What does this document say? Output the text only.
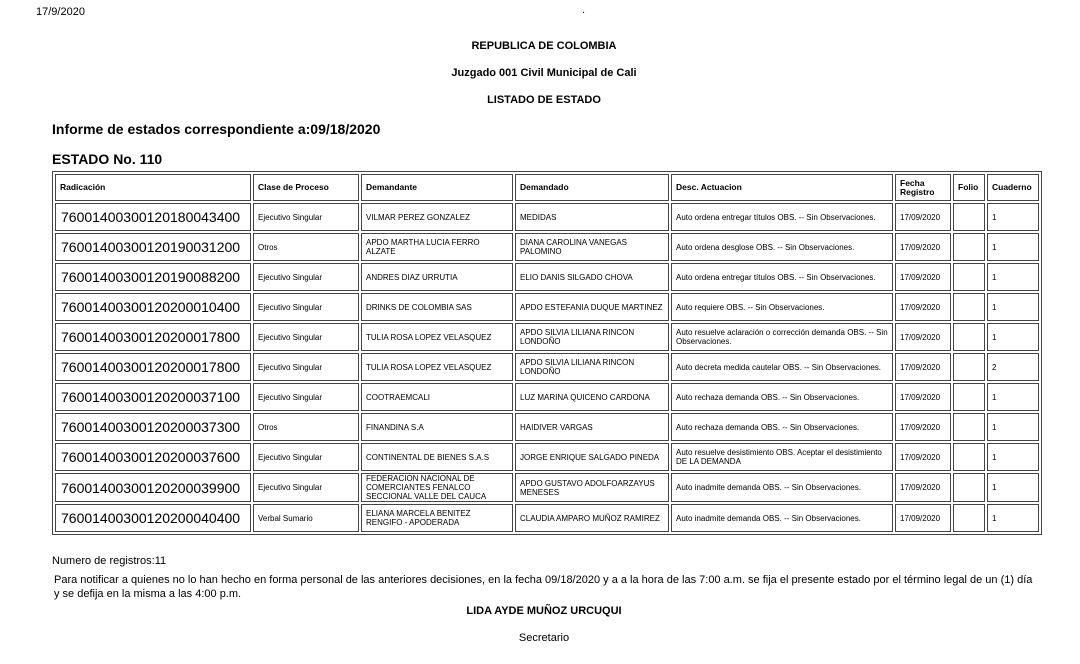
17/9/2020	.
REPUBLICA DE COLOMBIA
Juzgado 001 Civil Municipal de Cali
LISTADO DE ESTADO
Informe de estados correspondiente a:09/18/2020
ESTADO No. 110
Radicación	Clase de Proceso	Demandante	Demandado	Desc. Actuacion	Fecha Registro	Folio	Cuaderno
76001400300120180043400	Ejecutivo Singular	VILMAR PEREZ GONZALEZ	MEDIDAS	Auto ordena entregar títulos OBS. -- Sin Observaciones.	17/09/2020		1
76001400300120190031200	Otros	APDO MARTHA LUCIA FERRO ALZATE	DIANA CAROLINA VANEGAS PALOMINO	Auto ordena desglose OBS. -- Sin Observaciones.	17/09/2020		1
76001400300120190088200	Ejecutivo Singular	ANDRES DIAZ URRUTIA	ELIO DANIS SILGADO CHOVA	Auto ordena entregar títulos OBS. -- Sin Observaciones.	17/09/2020		1
76001400300120200010400	Ejecutivo Singular	DRINKS DE COLOMBIA SAS	APDO ESTEFANIA DUQUE MARTINEZ	Auto requiere OBS. -- Sin Observaciones.	17/09/2020		1
76001400300120200017800	Ejecutivo Singular	TULIA ROSA LOPEZ VELASQUEZ	APDO SILVIA LILIANA RINCON LONDOÑO	Auto resuelve aclaración o corrección demanda OBS. -- Sin Observaciones.	17/09/2020		1
76001400300120200017800	Ejecutivo Singular	TULIA ROSA LOPEZ VELASQUEZ	APDO SILVIA LILIANA RINCON LONDOÑO	Auto decreta medida cautelar OBS. -- Sin Observaciones.	17/09/2020		2
76001400300120200037100	Ejecutivo Singular	COOTRAEMCALI	LUZ MARINA QUICENO CARDONA	Auto rechaza demanda OBS. -- Sin Observaciones.	17/09/2020		1
76001400300120200037300	Otros	FINANDINA S.A	HAIDIVER VARGAS	Auto rechaza demanda OBS. -- Sin Observaciones.	17/09/2020		1
76001400300120200037600	Ejecutivo Singular	CONTINENTAL DE BIENES S.A.S	JORGE ENRIQUE SALGADO PINEDA	Auto resuelve desistimiento OBS. Aceptar el desistimiento DE LA DEMANDA	17/09/2020		1
76001400300120200039900	Ejecutivo Singular	FEDERACION NACIONAL DE COMERCIANTES FENALCO SECCIONAL VALLE DEL CAUCA	APDO GUSTAVO ADOLFOARZAYUS MENESES	Auto inadmite demanda OBS. -- Sin Observaciones.	17/09/2020		1
76001400300120200040400	Verbal Sumario	ELIANA MARCELA BENITEZ RENGIFO - APODERADA	CLAUDIA AMPARO MUÑOZ RAMIREZ	Auto inadmite demanda OBS. -- Sin Observaciones.	17/09/2020		1
Numero de registros:11
Para notificar a quienes no lo han hecho en forma personal de las anteriores decisiones, en la fecha 09/18/2020 y a a la hora de las 7:00 a.m. se fija el presente estado por el término legal de un (1) día y se defija en la misma a las 4:00 p.m.
LIDA AYDE MUÑOZ URCUQUI
Secretario
